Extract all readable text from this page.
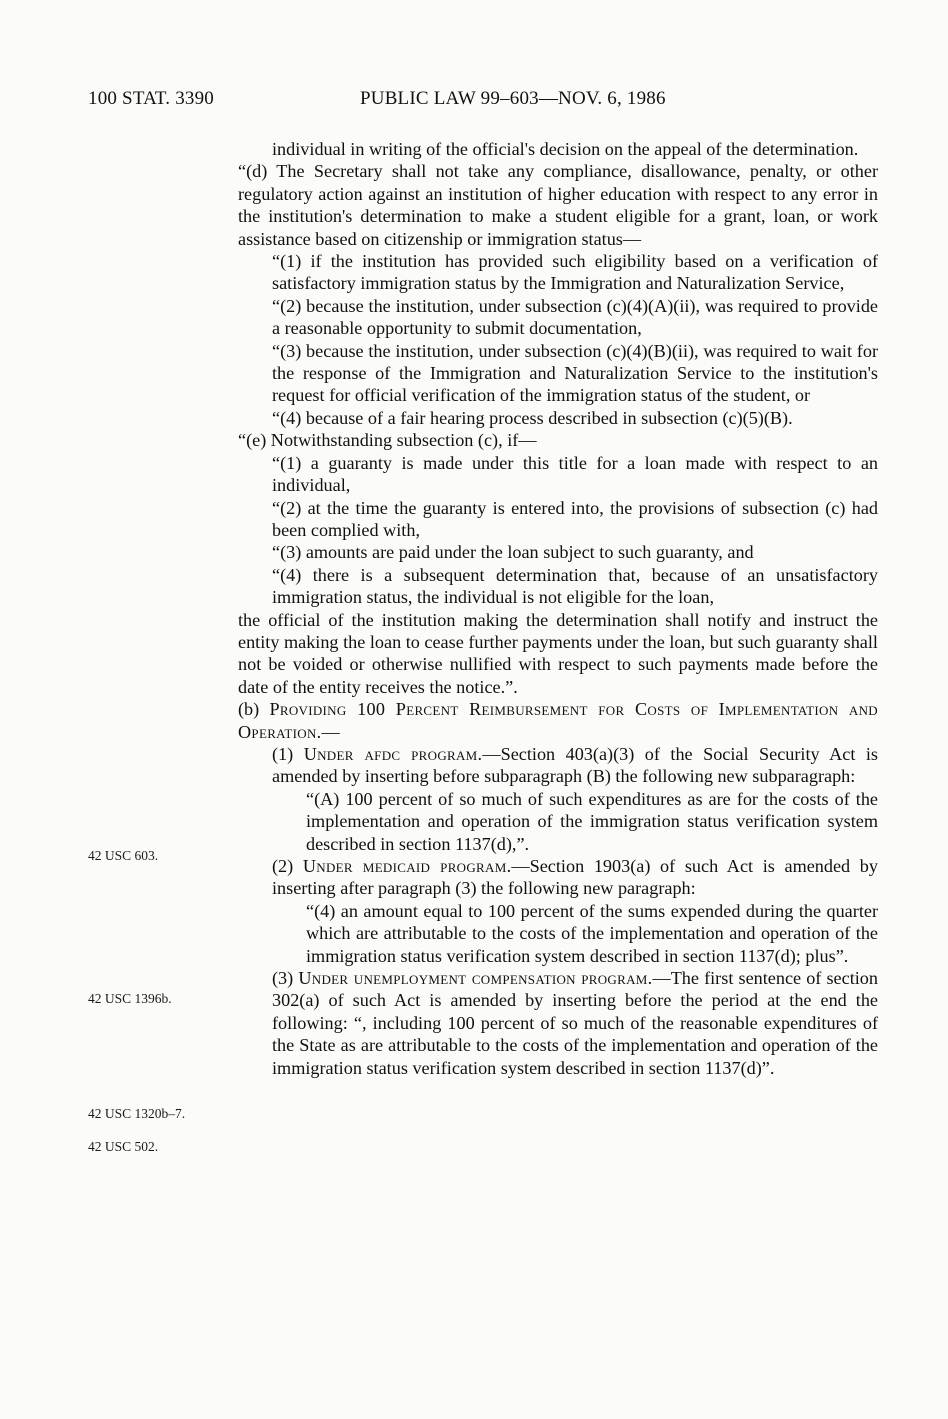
100 STAT. 3390	PUBLIC LAW 99–603—NOV. 6, 1986
42 USC 603.
42 USC 1396b.
42 USC 1320b–7.
42 USC 502.

individual in writing of the official's decision on the appeal of the determination.

“(d) The Secretary shall not take any compliance, disallowance, penalty, or other regulatory action against an institution of higher education with respect to any error in the institution's determination to make a student eligible for a grant, loan, or work assistance based on citizenship or immigration status—

“(1) if the institution has provided such eligibility based on a verification of satisfactory immigration status by the Immigration and Naturalization Service,

“(2) because the institution, under subsection (c)(4)(A)(ii), was required to provide a reasonable opportunity to submit documentation,

“(3) because the institution, under subsection (c)(4)(B)(ii), was required to wait for the response of the Immigration and Naturalization Service to the institution's request for official verification of the immigration status of the student, or

“(4) because of a fair hearing process described in subsection (c)(5)(B).

“(e) Notwithstanding subsection (c), if—

“(1) a guaranty is made under this title for a loan made with respect to an individual,

“(2) at the time the guaranty is entered into, the provisions of subsection (c) had been complied with,

“(3) amounts are paid under the loan subject to such guaranty, and

“(4) there is a subsequent determination that, because of an unsatisfactory immigration status, the individual is not eligible for the loan,

the official of the institution making the determination shall notify and instruct the entity making the loan to cease further payments under the loan, but such guaranty shall not be voided or otherwise nullified with respect to such payments made before the date of the entity receives the notice.”.

(b) Providing 100 Percent Reimbursement for Costs of Implementation and Operation.—

(1) Under afdc program.—Section 403(a)(3) of the Social Security Act is amended by inserting before subparagraph (B) the following new subparagraph:

“(A) 100 percent of so much of such expenditures as are for the costs of the implementation and operation of the immigration status verification system described in section 1137(d),”.

(2) Under medicaid program.—Section 1903(a) of such Act is amended by inserting after paragraph (3) the following new paragraph:

“(4) an amount equal to 100 percent of the sums expended during the quarter which are attributable to the costs of the implementation and operation of the immigration status verification system described in section 1137(d); plus”.

(3) Under unemployment compensation program.—The first sentence of section 302(a) of such Act is amended by inserting before the period at the end the following: “, including 100 percent of so much of the reasonable expenditures of the State as are attributable to the costs of the implementation and operation of the immigration status verification system described in section 1137(d)”.
